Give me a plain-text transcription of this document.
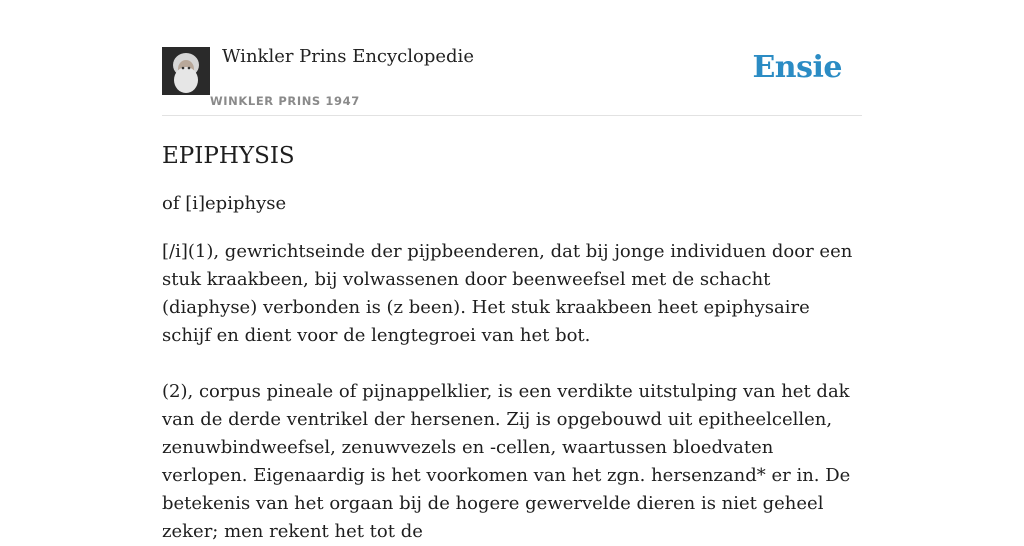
Winkler Prins Encyclopedie
WINKLER PRINS 1947
Ensie
EPIPHYSIS

of [i]epiphyse

[/i](1), gewrichtseinde der pijpbeenderen, dat bij jonge individuen door een stuk kraakbeen, bij volwassenen door beenweefsel met de schacht (diaphyse) verbonden is (z been). Het stuk kraakbeen heet epiphysaire schijf en dient voor de lengtegroei van het bot.

(2), corpus pineale of pijnappelklier, is een verdikte uitstulping van het dak van de derde ventrikel der hersenen. Zij is opgebouwd uit epitheelcellen, zenuwbindweefsel, zenuwvezels en -cellen, waartussen bloedvaten verlopen. Eigenaardig is het voorkomen van het zgn. hersenzand* er in. De betekenis van het orgaan bij de hogere gewervelde dieren is niet geheel zeker; men rekent het tot de
